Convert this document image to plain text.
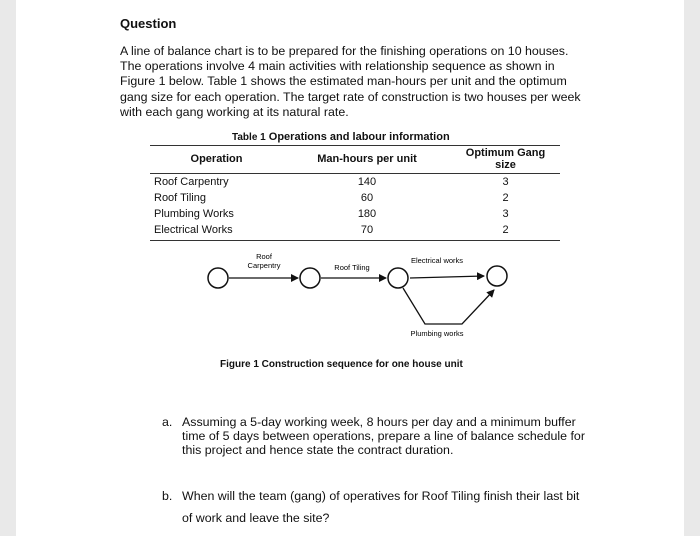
Question
A line of balance chart is to be prepared for the finishing operations on 10 houses. The operations involve 4 main activities with relationship sequence as shown in Figure 1 below. Table 1 shows the estimated man-hours per unit and the optimum gang size for each operation. The target rate of construction is two houses per week with each gang working at its natural rate.
Table 1 Operations and labour information
Operation	Man-hours per unit	Optimum Gang size
Roof Carpentry	140	3
Roof Tiling	60	2
Plumbing Works	180	3
Electrical Works	70	2
Roof
Carpentry	Roof Tiling
Electrical works
Plumbing works
Figure 1 Construction sequence for one house unit
a. Assuming a 5-day working week, 8 hours per day and a minimum buffer time of 5 days between operations, prepare a line of balance schedule for this project and hence state the contract duration.
b. When will the team (gang) of operatives for Roof Tiling finish their last bit of work and leave the site?
